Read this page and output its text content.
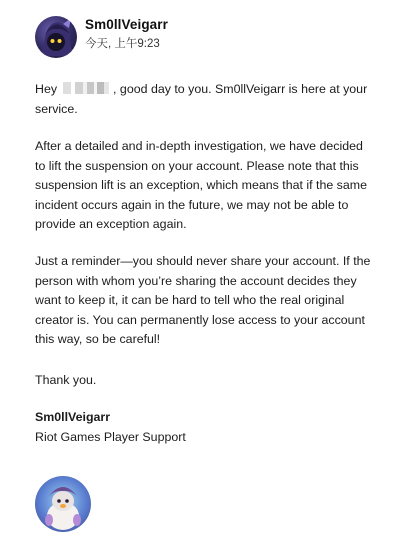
Sm0llVeigarr
今天, 上午9:23
Hey	, good day to you. Sm0llVeigarr is here at your service.
After a detailed and in-depth investigation, we have decided to lift the suspension on your account. Please note that this suspension lift is an exception, which means that if the same incident occurs again in the future, we may not be able to provide an exception again.
Just a reminder—you should never share your account. If the person with whom you’re sharing the account decides they want to keep it, it can be hard to tell who the real original creator is. You can permanently lose access to your account this way, so be careful!
Thank you.
Sm0llVeigarr
Riot Games Player Support
